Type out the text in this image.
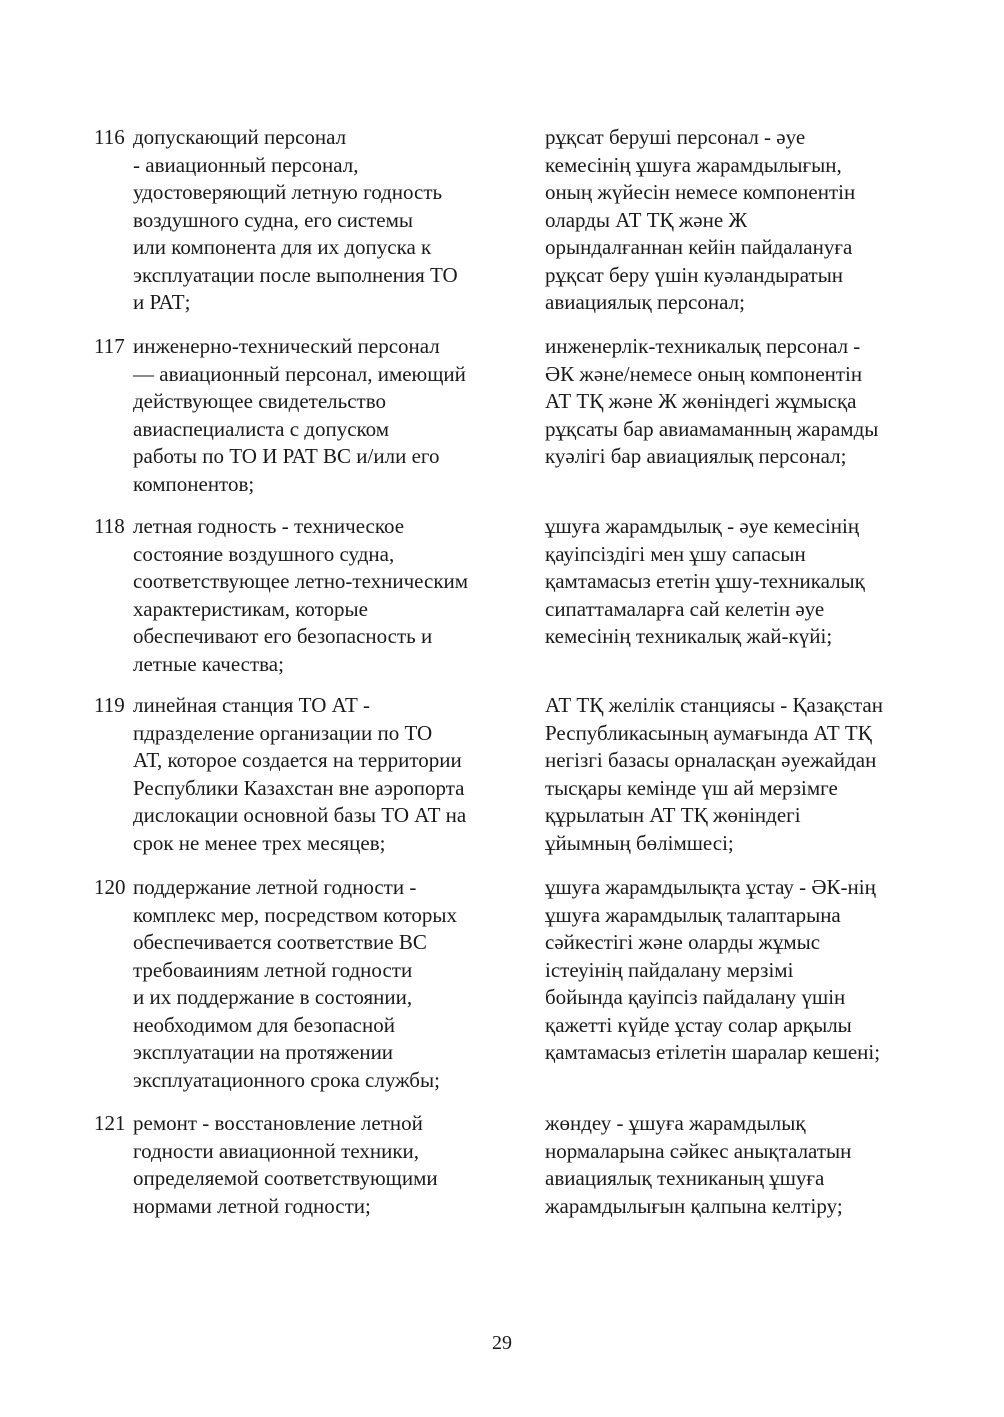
116 допускающий персонал
- авиационный персонал,
удостоверяющий летную годность
воздушного судна, его системы
или компонента для их допуска к
эксплуатации после выполнения ТО
и РАТ;
рұқсат беруші персонал - әуе
кемесінің ұшуға жарамдылығын,
оның жүйесін немесе компонентін
оларды АТ ТҚ және Ж
орындалғаннан кейін пайдалануға
рұқсат беру үшін куәландыратын
авиациялық персонал;
117 инженерно-технический персонал
— авиационный персонал, имеющий
действующее свидетельство
авиаспециалиста с допуском
работы по ТО И РАТ ВС и/или его
компонентов;
инженерлік-техникалық персонал -
ӘК және/немесе оның компонентін
АТ ТҚ және Ж жөніндегі жұмысқа
рұқсаты бар авиамаманның жарамды
куәлігі бар авиациялық персонал;
118 летная годность - техническое
состояние воздушного судна,
соответствующее летно-техническим
характеристикам, которые
обеспечивают его безопасность и
летные качества;
ұшуға жарамдылық - әуе кемесінің
қауіпсіздігі мен ұшу сапасын
қамтамасыз ететін ұшу-техникалық
сипаттамаларға сай келетін әуе
кемесінің техникалық жай-күйі;
119 линейная станция ТО АТ -
пдразделение организации по ТО
АТ, которое создается на территории
Республики Казахстан вне аэропорта
дислокации основной базы ТО АТ на
срок не менее трех месяцев;
АТ ТҚ желілік станциясы - Қазақстан
Республикасының аумағында АТ ТҚ
негізгі базасы орналасқан әуежайдан
тысқары кемінде үш ай мерзімге
құрылатын АТ ТҚ жөніндегі
ұйымның бөлімшесі;
120 поддержание летной годности -
комплекс мер, посредством которых
обеспечивается соответствие ВС
требоваиниям летной годности
и их поддержание в состоянии,
необходимом для безопасной
эксплуатации на протяжении
эксплуатационного срока службы;
ұшуға жарамдылықта ұстау - ӘК-нің
ұшуға жарамдылық талаптарына
сәйкестігі және оларды жұмыс
істеуінің пайдалану мерзімі
бойында қауіпсіз пайдалану үшін
қажетті күйде ұстау солар арқылы
қамтамасыз етілетін шаралар кешені;
121 ремонт - восстановление летной
годности авиационной техники,
определяемой соответствующими
нормами летной годности;
жөндеу - ұшуға жарамдылық
нормаларына сәйкес анықталатын
авиациялық техниканың ұшуға
жарамдылығын қалпына келтіру;
29
